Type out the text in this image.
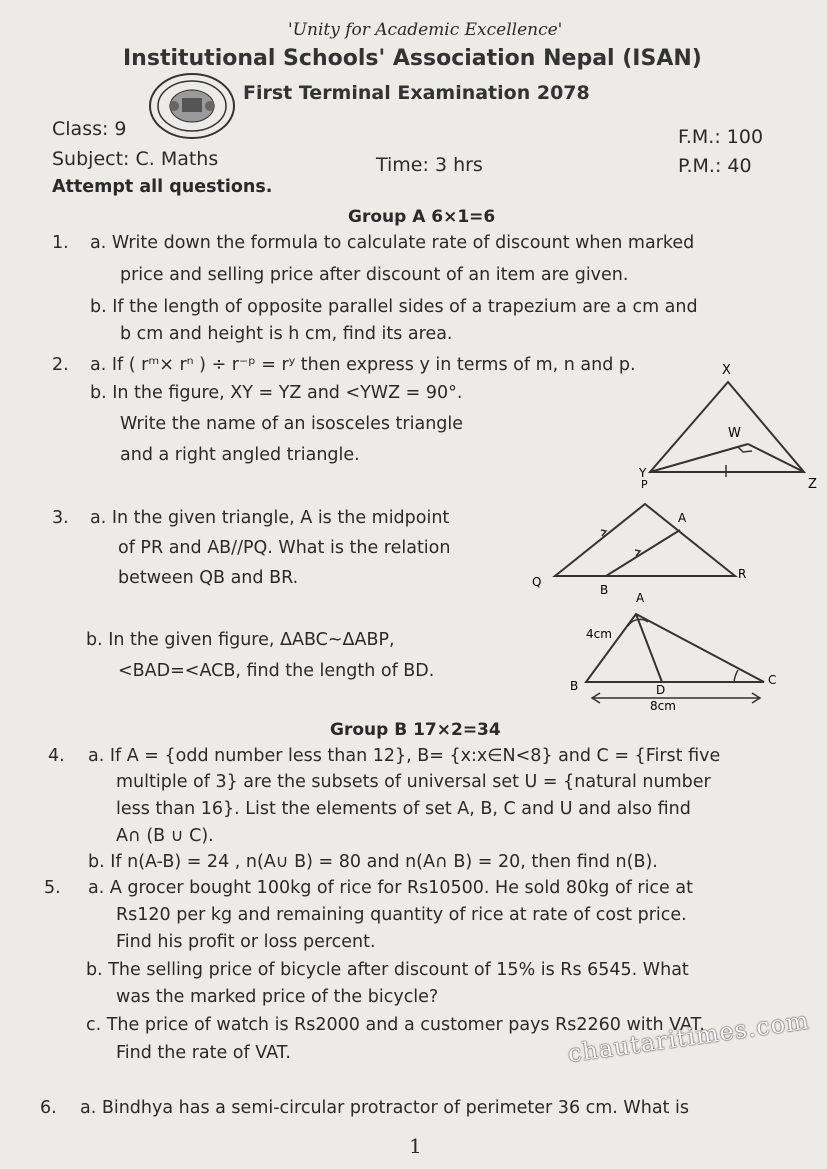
'Unity for Academic Excellence'
Institutional Schools' Association Nepal (ISAN)
First Terminal Examination 2078
Class: 9	F.M.: 100
Subject: C. Maths	Time: 3 hrs	P.M.: 40
Attempt all questions.
Group A 6×1=6
1. a. Write down the formula to calculate rate of discount when marked
price and selling price after discount of an item are given.
b. If the length of opposite parallel sides of a trapezium are a cm and
b cm and height is h cm, find its area.
2. a. If ( rᵐ× rⁿ ) ÷ r⁻ᵖ = rʸ then express y in terms of m, n and p.
b. In the figure, XY = YZ and <YWZ = 90°.
Write the name of an isosceles triangle
and a right angled triangle.
X
W
Y
P	Z
3. a. In the given triangle, A is the midpoint
of PR and AB//PQ. What is the relation
between QB and BR.
A
R
Q
B
b. In the given figure, ΔABC~ΔABP,
<BAD=<ACB, find the length of BD.
A
B	C
D
4cm
8cm
Group B 17×2=34
4. a. If A = {odd number less than 12}, B= {x:x∈N<8} and C = {First five
multiple of 3} are the subsets of universal set U = {natural number
less than 16}. List the elements of set A, B, C and U and also find
A∩ (B ∪ C).
b. If n(A-B) = 24 , n(A∪ B) = 80 and n(A∩ B) = 20, then find n(B).
5. a. A grocer bought 100kg of rice for Rs10500. He sold 80kg of rice at
Rs120 per kg and remaining quantity of rice at rate of cost price.
Find his profit or loss percent.
b. The selling price of bicycle after discount of 15% is Rs 6545. What
was the marked price of the bicycle?
c. The price of watch is Rs2000 and a customer pays Rs2260 with VAT.
Find the rate of VAT.
6. a. Bindhya has a semi-circular protractor of perimeter 36 cm. What is
chautaritimes.com
1
